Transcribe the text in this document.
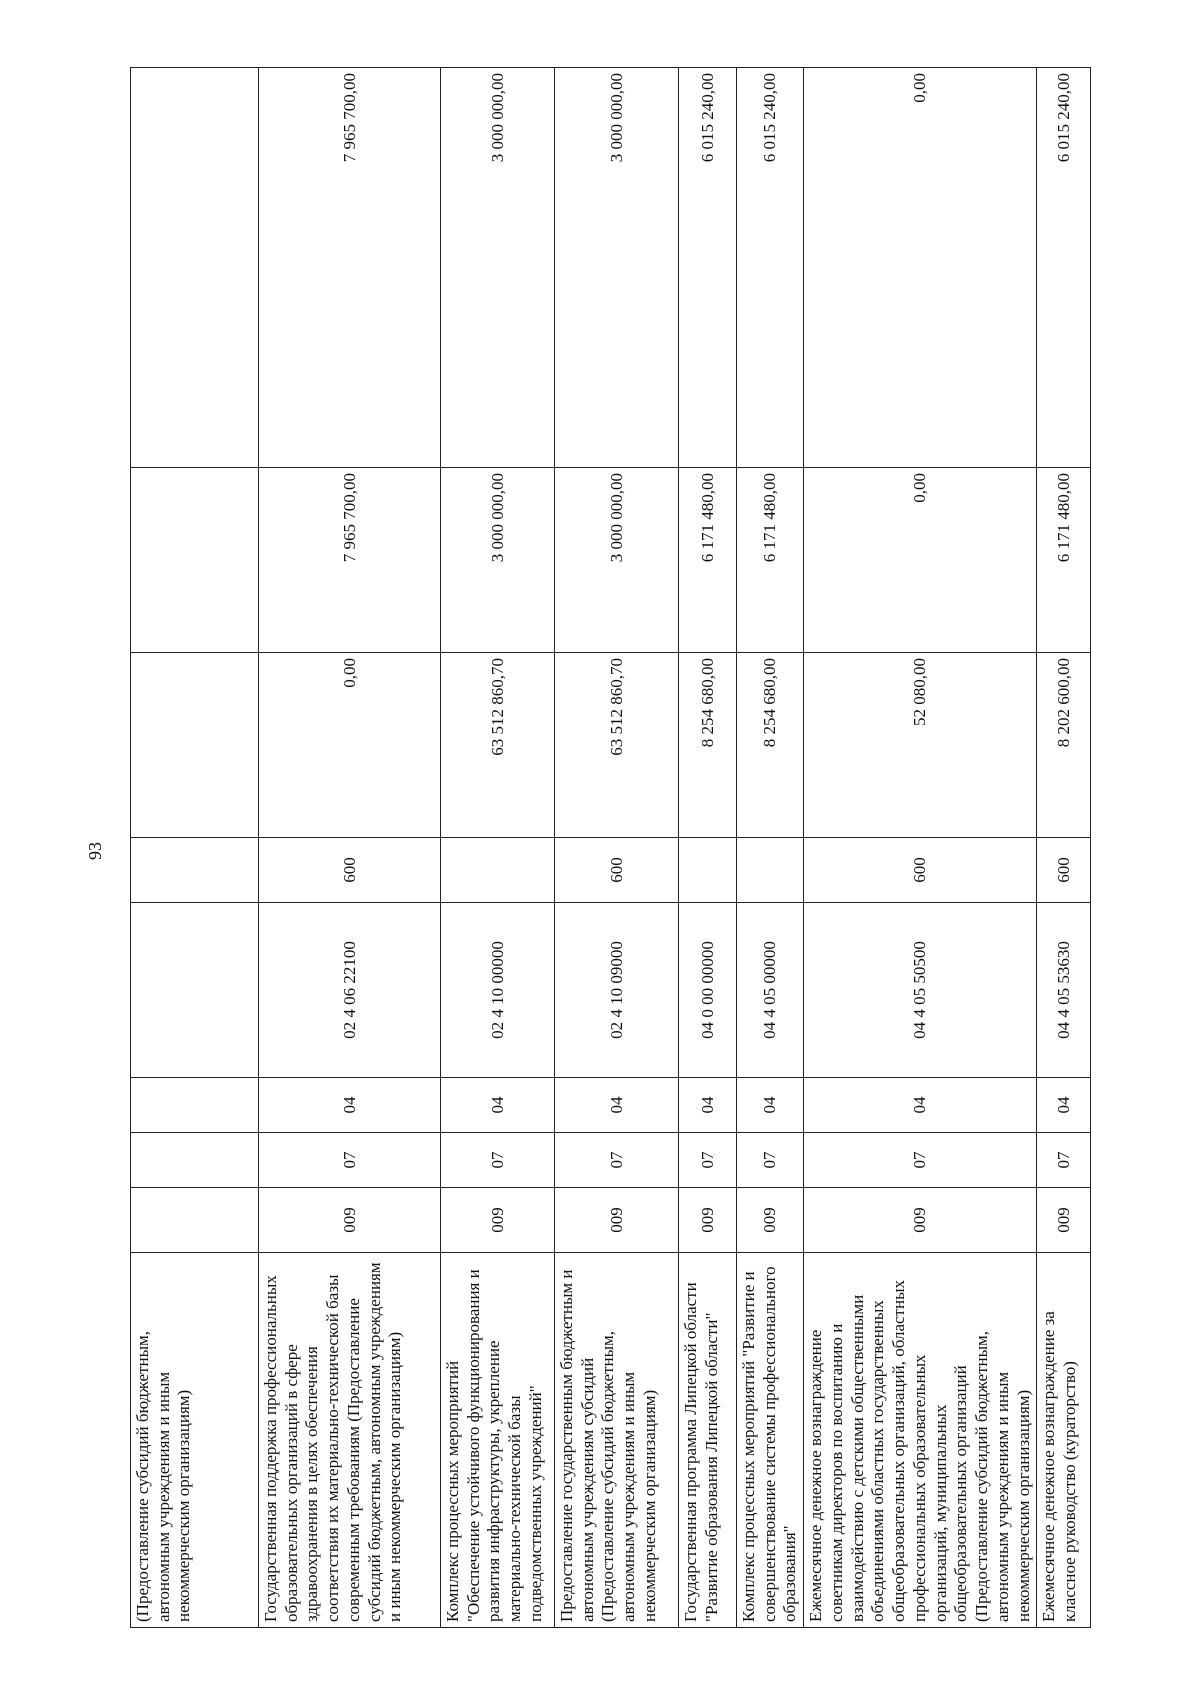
93
(Предоставление субсидий бюджетным, автономным учреждениям и иным некоммерческим организациям)								
Государственная поддержка профессиональных образовательных организаций в сфере здравоохранения в целях обеспечения соответствия их материально-технической базы современным требованиям (Предоставление субсидий бюджетным, автономным учреждениям и иным некоммерческим организациям)	009	07	04	02 4 06 22100	600	0,00	7 965 700,00	7 965 700,00
Комплекс процессных мероприятий "Обеспечение устойчивого функционирования и развития инфраструктуры, укрепление материально-технической базы подведомственных учреждений"	009	07	04	02 4 10 00000		63 512 860,70	3 000 000,00	3 000 000,00
Предоставление государственным бюджетным и автономным учреждениям субсидий (Предоставление субсидий бюджетным, автономным учреждениям и иным некоммерческим организациям)	009	07	04	02 4 10 09000	600	63 512 860,70	3 000 000,00	3 000 000,00
Государственная программа Липецкой области "Развитие образования Липецкой области"	009	07	04	04 0 00 00000		8 254 680,00	6 171 480,00	6 015 240,00
Комплекс процессных мероприятий "Развитие и совершенствование системы профессионального образования"	009	07	04	04 4 05 00000		8 254 680,00	6 171 480,00	6 015 240,00
Ежемесячное денежное вознаграждение советникам директоров по воспитанию и взаимодействию с детскими общественными объединениями областных государственных общеобразовательных организаций, областных профессиональных образовательных организаций, муниципальных общеобразовательных организаций (Предоставление субсидий бюджетным, автономным учреждениям и иным некоммерческим организациям)	009	07	04	04 4 05 50500	600	52 080,00	0,00	0,00
Ежемесячное денежное вознаграждение за классное руководство (кураторство)	009	07	04	04 4 05 53630	600	8 202 600,00	6 171 480,00	6 015 240,00
